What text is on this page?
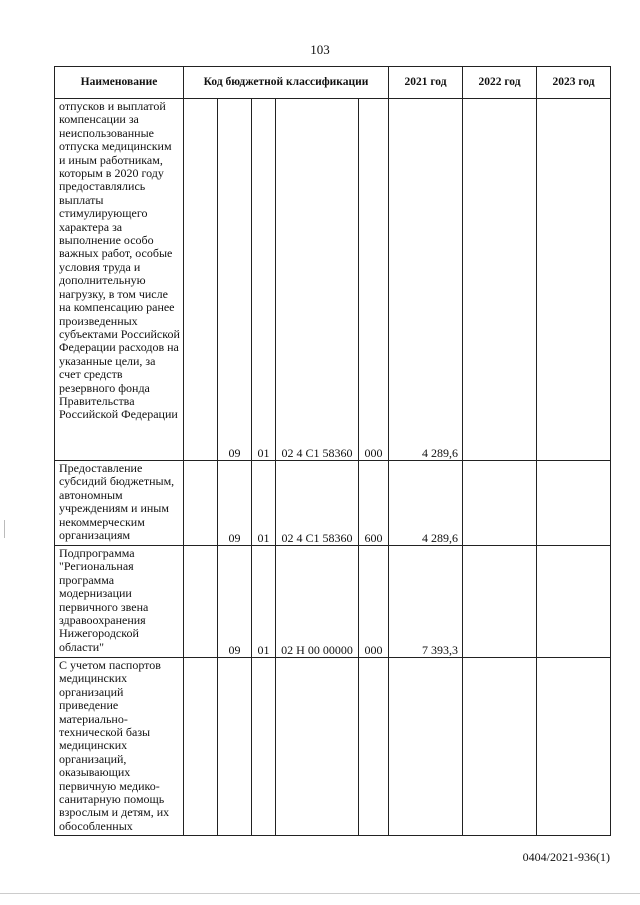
103
Наименование	Код бюджетной классификации					2021 год	2022 год	2023 год
отпусков и выплатой компенсации за неиспользованные отпуска медицинским и иным работникам, которым в 2020 году предоставлялись выплаты стимулирующего характера за выполнение особо важных работ, особые условия труда и дополнительную нагрузку, в том числе на компенсацию ранее произведенных субъектами Российской Федерации расходов на указанные цели, за счет средств резервного фонда Правительства Российской Федерации		09	01	02 4 С1 58360	000	4 289,6		
Предоставление субсидий бюджетным, автономным учреждениям и иным некоммерческим организациям		09	01	02 4 С1 58360	600	4 289,6		
Подпрограмма "Региональная программа модернизации первичного звена здравоохранения Нижегородской области"		09	01	02 Н 00 00000	000	7 393,3		
С учетом паспортов медицинских организаций приведение материально-технической базы медицинских организаций, оказывающих первичную медико-санитарную помощь взрослым и детям, их обособленных								
0404/2021-936(1)
